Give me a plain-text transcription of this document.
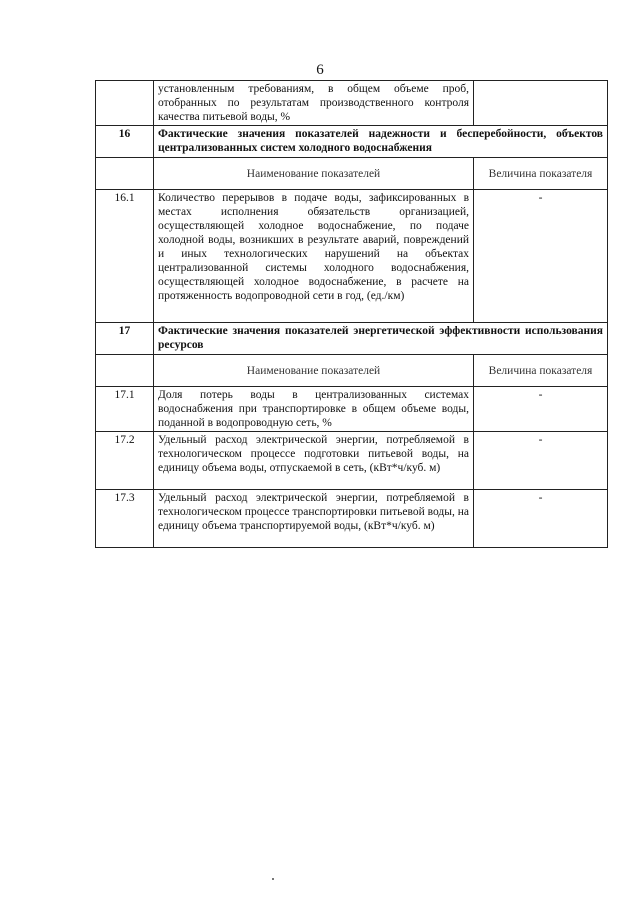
6
	установленным требованиям, в общем объеме проб, отобранных по результатам производственного контроля качества питьевой воды, %	
16	Фактические значения показателей надежности и бесперебойности, объектов централизованных систем холодного водоснабжения	
	Наименование показателей	Величина показателя
16.1	Количество перерывов в подаче воды, зафиксированных в местах исполнения обязательств организацией, осуществляющей холодное водоснабжение, по подаче холодной воды, возникших в результате аварий, повреждений и иных технологических нарушений на объектах централизованной системы холодного водоснабжения, осуществляющей холодное водоснабжение, в расчете на протяженность водопроводной сети в год, (ед./км)	-
17	Фактические значения показателей энергетической эффективности использования ресурсов	
	Наименование показателей	Величина показателя
17.1	Доля потерь воды в централизованных системах водоснабжения при транспортировке в общем объеме воды, поданной в водопроводную сеть, %	-
17.2	Удельный расход электрической энергии, потребляемой в технологическом процессе подготовки питьевой воды, на единицу объема воды, отпускаемой в сеть, (кВт*ч/куб. м)	-
17.3	Удельный расход электрической энергии, потребляемой в технологическом процессе транспортировки питьевой воды, на единицу объема транспортируемой воды, (кВт*ч/куб. м)	-
